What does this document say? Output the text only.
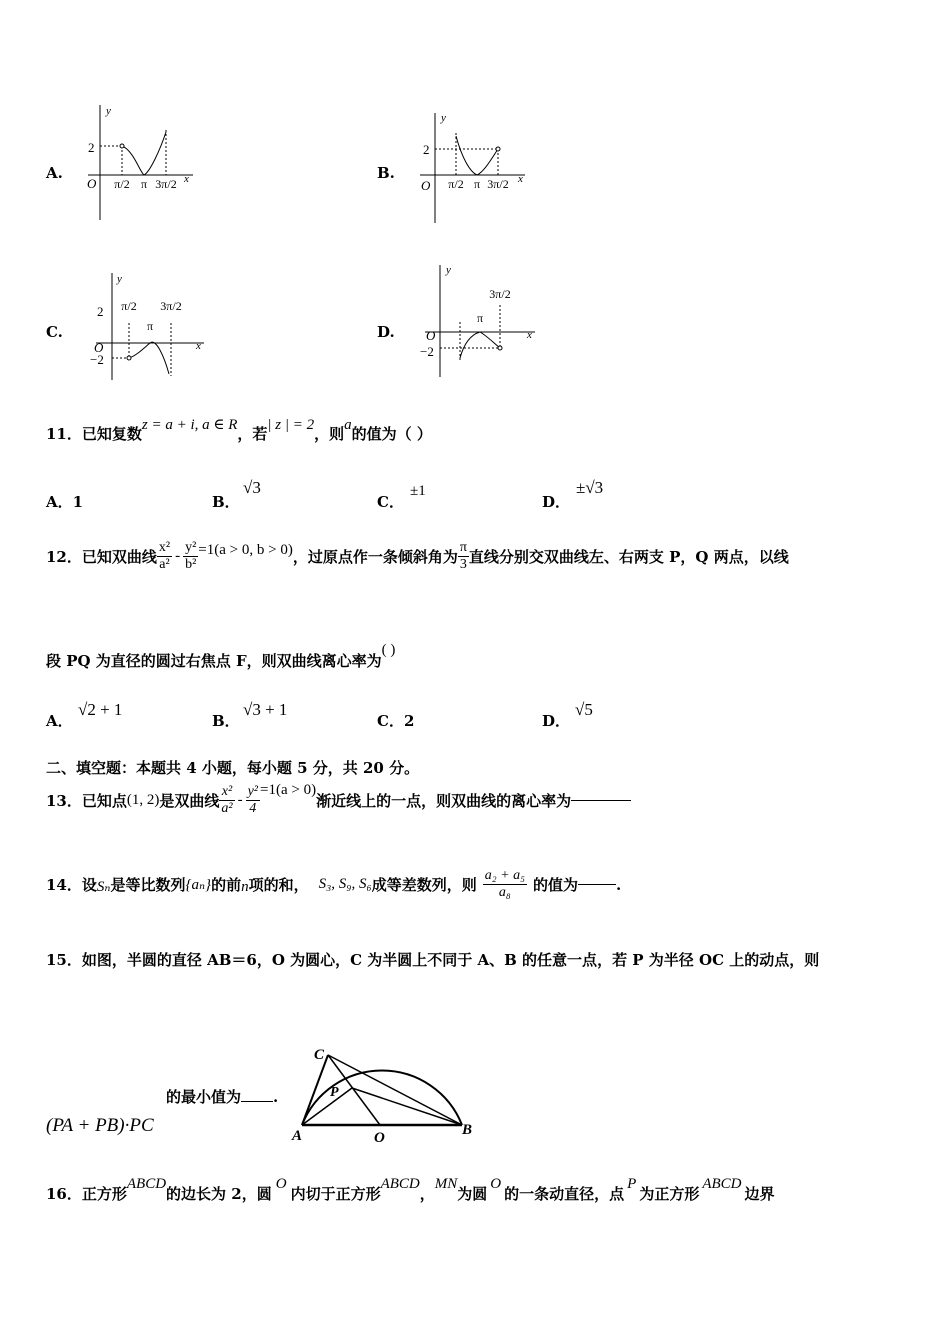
A.
y
x
O
2
π/2 π 3π/2
B.
y
x
O
2
π/2 π 3π/2
C.
y
x
O
2
−2
π/2
π
3π/2
D.
y
x
O
−2
π
3π/2
11．已知复数z = a + i, a ∈ R，若| z | = 2，则a的值为（ ）
A．1	B．
√3
C．
±1
D．
±√3
12．已知双曲线 $\frac{\text{x²}}{\text{a²}} - \frac{\text{y²}}{\text{b²}} =1(a > 0$, b > 0) ，过原点作一条倾斜角为 $\frac{\pi}{3}$ 直线分别交双曲线左、右两支 P，Q 两点，以线
段 PQ 为直径的圆过右焦点 F，则双曲线离心率为( )
A．
√2 + 1
B．
√3 + 1
C．2	D．
√5
二、填空题：本题共 4 小题，每小题 5 分，共 20 分。
13．已知点 (1, 2) 是双曲线 $\frac{\text{x²}}{\text{a²}} - \frac{\text{y²}}{4} =1(a > 0)$
渐近线上的一点，则双曲线的离心率为
14．设 Sₙ 是等比数列 {aₙ} 的前 n 项的和， S₃, S₉, S₆ 成等差数列，则 $\frac{\text{a₂ + a₅}}{\text{a₈}}$ 的值为	.
15．如图，半圆的直径 AB＝6，O 为圆心，C 为半圆上不同于 A、B 的任意一点，若 P 为半径 OC 上的动点，则
的最小值为 .
(PA + PB)·PC
C
P
A	O	B
16．正方形ABCD的边长为 2，圆O内切于正方形ABCD，MN为圆O的一条动直径，点P为正方形ABCD边界
